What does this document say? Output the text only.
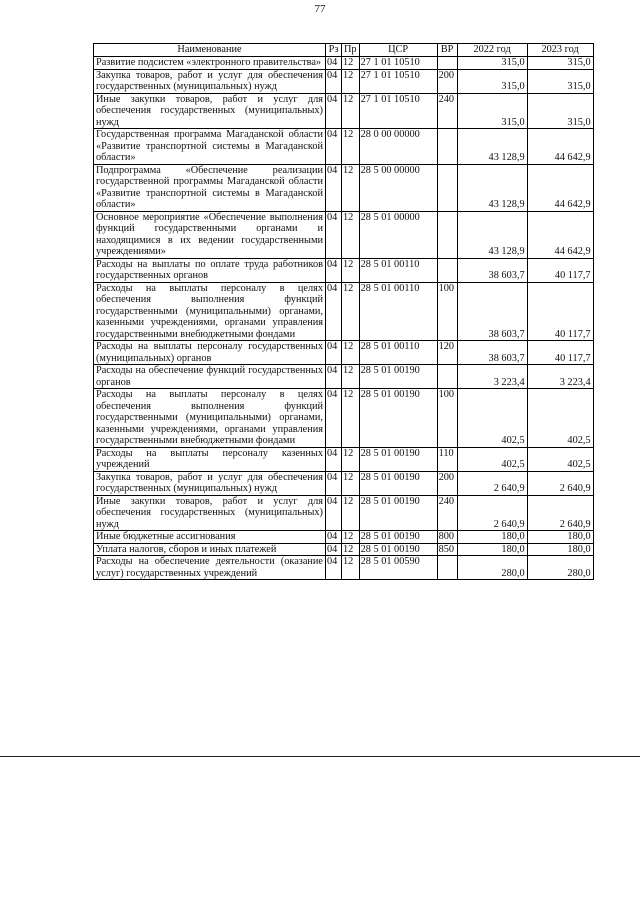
77
Наименование	Рз	Пр	ЦСР	ВР	2022 год	2023 год
Развитие подсистем «электронного правительства»	04	12	27 1 01 10510		315,0	315,0
Закупка товаров, работ и услуг для обеспечения государственных (муниципальных) нужд	04	12	27 1 01 10510	200	315,0	315,0
Иные закупки товаров, работ и услуг для обеспечения государственных (муниципальных) нужд	04	12	27 1 01 10510	240	315,0	315,0
Государственная программа Магаданской области «Развитие транспортной системы в Магаданской области»	04	12	28 0 00 00000		43 128,9	44 642,9
Подпрограмма «Обеспечение реализации государственной программы Магаданской области «Развитие транспортной системы в Магаданской области»	04	12	28 5 00 00000		43 128,9	44 642,9
Основное мероприятие «Обеспечение выполнения функций государственными органами и находящимися в их ведении государственными учреждениями»	04	12	28 5 01 00000		43 128,9	44 642,9
Расходы на выплаты по оплате труда работников государственных органов	04	12	28 5 01 00110		38 603,7	40 117,7
Расходы на выплаты персоналу в целях обеспечения выполнения функций государственными (муниципальными) органами, казенными учреждениями, органами управления государственными внебюджетными фондами	04	12	28 5 01 00110	100	38 603,7	40 117,7
Расходы на выплаты персоналу государственных (муниципальных) органов	04	12	28 5 01 00110	120	38 603,7	40 117,7
Расходы на обеспечение функций государственных органов	04	12	28 5 01 00190		3 223,4	3 223,4
Расходы на выплаты персоналу в целях обеспечения выполнения функций государственными (муниципальными) органами, казенными учреждениями, органами управления государственными внебюджетными фондами	04	12	28 5 01 00190	100	402,5	402,5
Расходы на выплаты персоналу казенных учреждений	04	12	28 5 01 00190	110	402,5	402,5
Закупка товаров, работ и услуг для обеспечения государственных (муниципальных) нужд	04	12	28 5 01 00190	200	2 640,9	2 640,9
Иные закупки товаров, работ и услуг для обеспечения государственных (муниципальных) нужд	04	12	28 5 01 00190	240	2 640,9	2 640,9
Иные бюджетные ассигнования	04	12	28 5 01 00190	800	180,0	180,0
Уплата налогов, сборов и иных платежей	04	12	28 5 01 00190	850	180,0	180,0
Расходы на обеспечение деятельности (оказание услуг) государственных учреждений	04	12	28 5 01 00590		280,0	280,0
